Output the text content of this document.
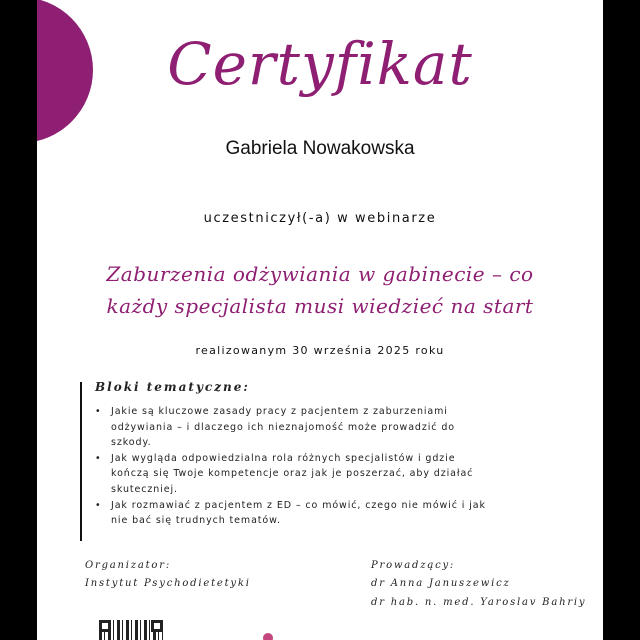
Certyfikat
Gabriela Nowakowska
uczestniczył(-a) w webinarze
Zaburzenia odżywiania w gabinecie – co każdy specjalista musi wiedzieć na start
realizowanym 30 września 2025 roku
Bloki tematyczne:
• Jakie są kluczowe zasady pracy z pacjentem z zaburzeniami odżywiania – i dlaczego ich nieznajomość może prowadzić do szkody.
• Jak wygląda odpowiedzialna rola różnych specjalistów i gdzie kończą się Twoje kompetencje oraz jak je poszerzać, aby działać skuteczniej.
• Jak rozmawiać z pacjentem z ED – co mówić, czego nie mówić i jak nie bać się trudnych tematów.
Organizator:
Instytut Psychodietetyki
Prowadzący:
dr Anna Januszewicz
dr hab. n. med. Yaroslav Bahriy
